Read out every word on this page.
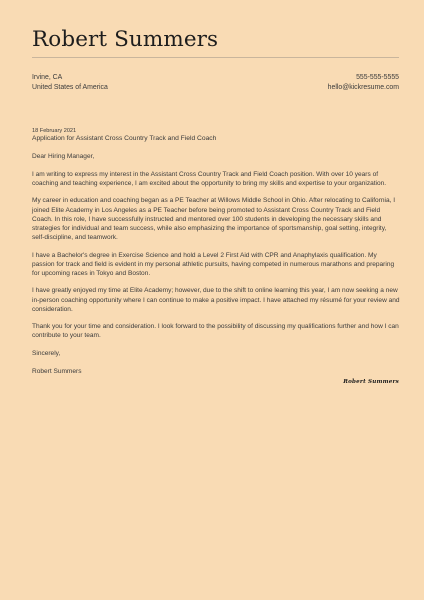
Robert Summers
Irvine, CA
United States of America
555-555-5555
hello@kickresume.com
18 February 2021
Application for Assistant Cross Country Track and Field Coach

Dear Hiring Manager,

I am writing to express my interest in the Assistant Cross Country Track and Field Coach position. With over 10 years of coaching and teaching experience, I am excited about the opportunity to bring my skills and expertise to your organization.

My career in education and coaching began as a PE Teacher at Willows Middle School in Ohio. After relocating to California, I joined Elite Academy in Los Angeles as a PE Teacher before being promoted to Assistant Cross Country Track and Field Coach. In this role, I have successfully instructed and mentored over 100 students in developing the necessary skills and strategies for individual and team success, while also emphasizing the importance of sportsmanship, goal setting, integrity, self-discipline, and teamwork.

I have a Bachelor's degree in Exercise Science and hold a Level 2 First Aid with CPR and Anaphylaxis qualification. My passion for track and field is evident in my personal athletic pursuits, having competed in numerous marathons and preparing for upcoming races in Tokyo and Boston.

I have greatly enjoyed my time at Elite Academy; however, due to the shift to online learning this year, I am now seeking a new in-person coaching opportunity where I can continue to make a positive impact. I have attached my résumé for your review and consideration.

Thank you for your time and consideration. I look forward to the possibility of discussing my qualifications further and how I can contribute to your team.

Sincerely,

Robert Summers

Robert Summers
